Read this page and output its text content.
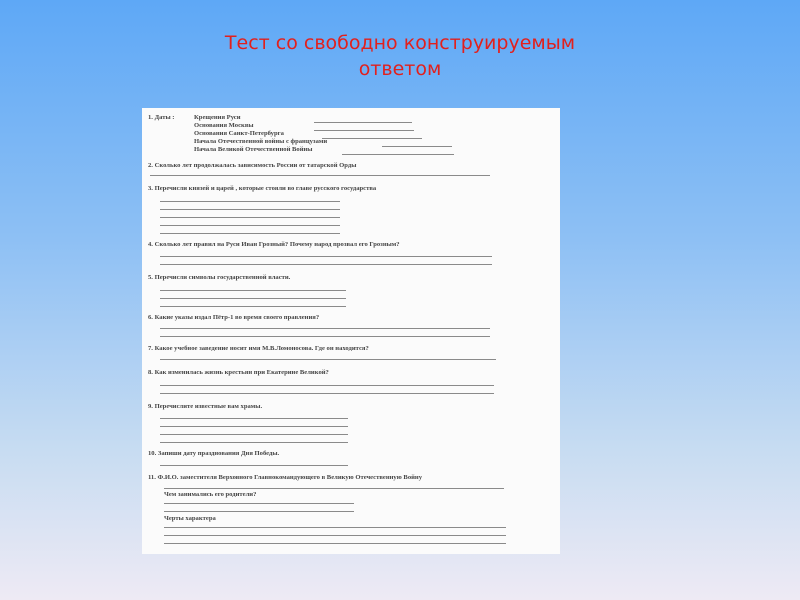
Тест со свободно конструируемым
ответом
1. Даты :	Крещения Руси
Основания Москвы
Основания Санкт-Петербурга
Начала Отечественной войны с французами
Начала Великой Отечественной Войны
2. Сколько лет продолжалась зависимость России от татарской Орды
3. Перечисли князей и царей , которые стояли во главе русского государства
4. Сколько лет правил на Руси Иван Грозный? Почему народ прозвал его Грозным?
5. Перечисли символы государственной власти.
6. Какие указы издал Пётр-1 во время своего правления?
7. Какое учебное заведение носит имя М.В.Ломоносова. Где он находится?
8. Как изменилась жизнь крестьян при Екатерине Великой?
9. Перечислите известные вам храмы.
10. Запиши дату празднования Дня Победы.
11. Ф.И.О. заместителя Верховного Главнокомандующего в Великую Отечественную Войну
Чем занимались его родители?
Черты характера
